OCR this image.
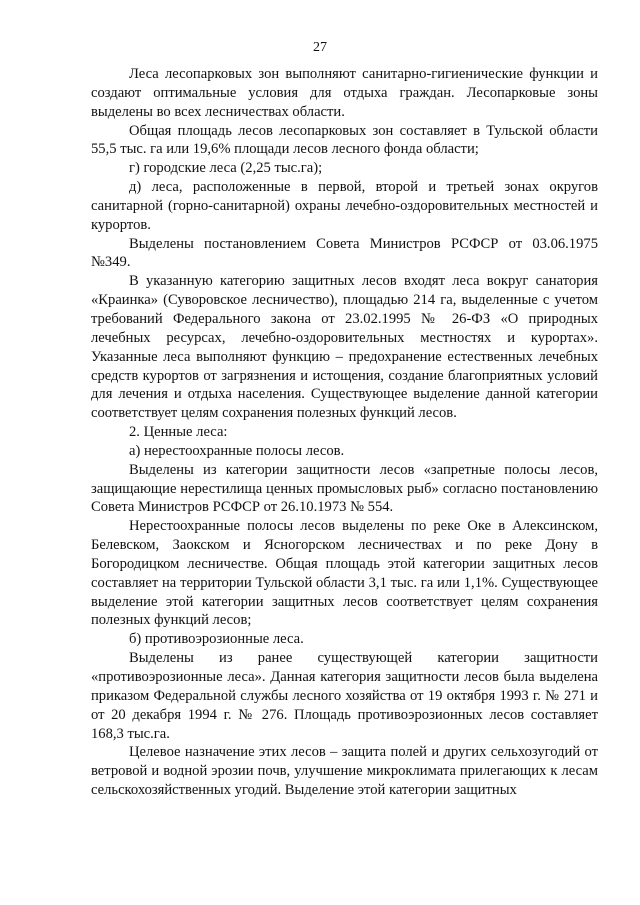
27

Леса лесопарковых зон выполняют санитарно-гигиенические функции и создают оптимальные условия для отдыха граждан. Лесопарковые зоны выделены во всех лесничествах области.

Общая площадь лесов лесопарковых зон составляет в Тульской области 55,5 тыс. га или 19,6% площади лесов лесного фонда области;

г) городские леса (2,25 тыс.га);

д) леса, расположенные в первой, второй и третьей зонах округов санитарной (горно-санитарной) охраны лечебно-оздоровительных местностей и курортов.

Выделены постановлением Совета Министров РСФСР от 03.06.1975 №349.

В указанную категорию защитных лесов входят леса вокруг санатория «Краинка» (Суворовское лесничество), площадью 214 га, выделенные с учетом требований Федерального закона от 23.02.1995 № 26-ФЗ «О природных лечебных ресурсах, лечебно-оздоровительных местностях и курортах». Указанные леса выполняют функцию – предохранение естественных лечебных средств курортов от загрязнения и истощения, создание благоприятных условий для лечения и отдыха населения. Существующее выделение данной категории соответствует целям сохранения полезных функций лесов.

2. Ценные леса:

а) нерестоохранные полосы лесов.

Выделены из категории защитности лесов «запретные полосы лесов, защищающие нерестилища ценных промысловых рыб» согласно постановлению Совета Министров РСФСР от 26.10.1973 № 554.

Нерестоохранные полосы лесов выделены по реке Оке в Алексинском, Белевском, Заокском и Ясногорском лесничествах и по реке Дону в Богородицком лесничестве. Общая площадь этой категории защитных лесов составляет на территории Тульской области 3,1 тыс. га или 1,1%. Существующее выделение этой категории защитных лесов соответствует целям сохранения полезных функций лесов;

б) противоэрозионные леса.

Выделены из ранее существующей категории защитности «противоэрозионные леса». Данная категория защитности лесов была выделена приказом Федеральной службы лесного хозяйства от 19 октября 1993 г. № 271 и от 20 декабря 1994 г. № 276. Площадь противоэрозионных лесов составляет 168,3 тыс.га.

Целевое назначение этих лесов – защита полей и других сельхозугодий от ветровой и водной эрозии почв, улучшение микроклимата прилегающих к лесам сельскохозяйственных угодий. Выделение этой категории защитных
